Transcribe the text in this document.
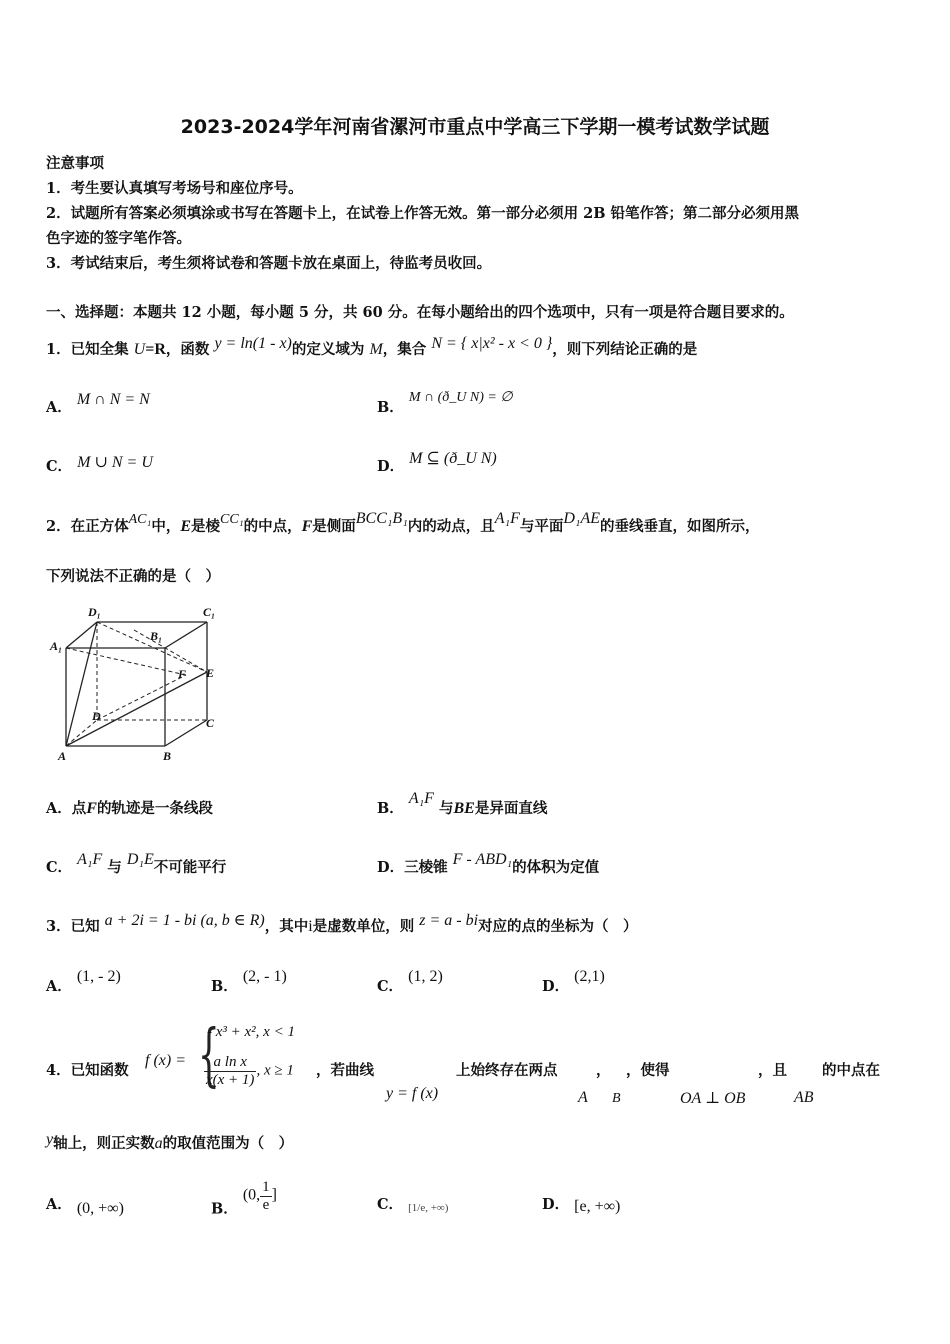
2023-2024学年河南省漯河市重点中学高三下学期一模考试数学试题
注意事项
1．考生要认真填写考场号和座位序号。
2．试题所有答案必须填涂或书写在答题卡上，在试卷上作答无效。第一部分必须用 2B 铅笔作答；第二部分必须用黑
色字迹的签字笔作答。
3．考试结束后，考生须将试卷和答题卡放在桌面上，待监考员收回。
一、选择题：本题共 12 小题，每小题 5 分，共 60 分。在每小题给出的四个选项中，只有一项是符合题目要求的。
1．已知全集 U=R，函数 y = ln(1 - x)的定义域为 M，集合 N = { x|x² - x < 0 }，则下列结论正确的是
A． M ∩ N = N	B． M ∩ (ð_U N) = ∅
C． M ∪ N = U	D． M ⊆ (ð_U N)
2．在正方体AC₁中，E是棱CC₁的中点，F是侧面BCC₁B₁内的动点，且A₁F与平面D₁AE的垂线垂直，如图所示，
下列说法不正确的是（　）
D₁	C₁
A₁
B₁
F E
D	C
A	B
A．点F的轨迹是一条线段	B． A₁F 与BE是异面直线
C． A₁F 与 D₁E不可能平行	D．三棱锥 F - ABD₁的体积为定值
3．已知 a + 2i = 1 - bi (a, b ∈ R)，其中i是虚数单位，则 z = a - bi对应的点的坐标为（　）
A． (1, - 2)
B． (2, - 1)
C． (1, 2)
D． (2,1)
4．已知函数
f (x) = {
- x³ + x², x < 1
$\frac{\text{a ln x}}{x(x + 1)}$ , x ≥ 1 ，若曲线
y = f (x)
上始终存在两点
A
，
B
，使得
OA ⊥ OB
，且
AB
的中点在
y轴上，则正实数a的取值范围为（　）
A． (0, +∞)	B． (0, $\frac{1}{e}$ ]
C． [1/e, +∞)	D． [e, +∞)
